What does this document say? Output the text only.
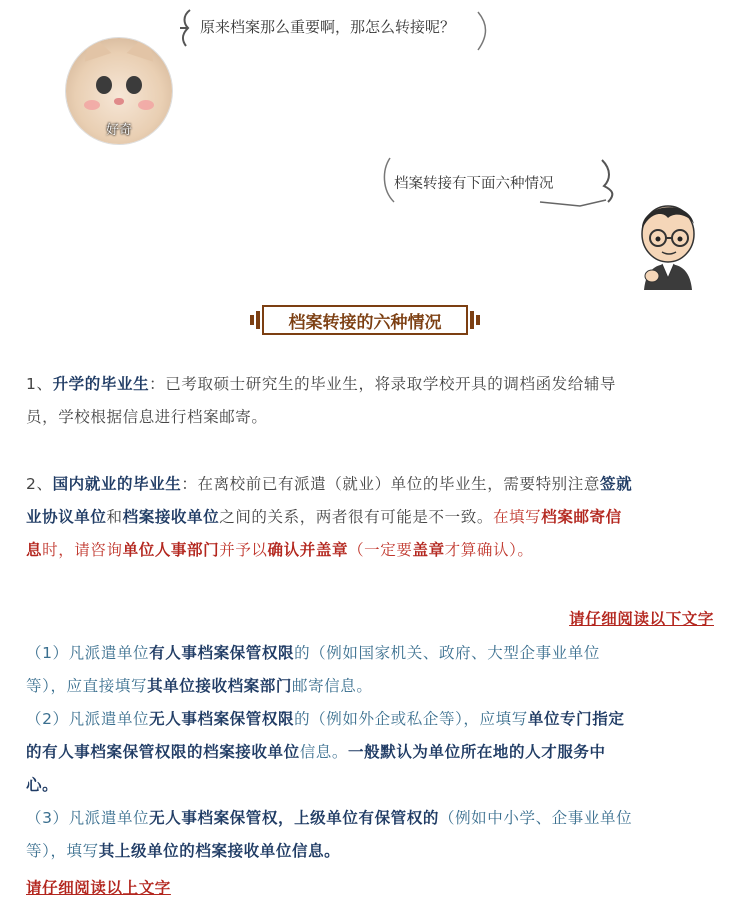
原来档案那么重要啊，那怎么转接呢？
好奇
档案转接有下面六种情况
档案转接的六种情况
1、升学的毕业生：已考取硕士研究生的毕业生，将录取学校开具的调档函发给辅导
员，学校根据信息进行档案邮寄。
2、国内就业的毕业生：在离校前已有派遣（就业）单位的毕业生，需要特别注意签就
业协议单位和档案接收单位之间的关系，两者很有可能是不一致。在填写档案邮寄信
息时，请咨询单位人事部门并予以确认并盖章（一定要盖章才算确认）。
请仔细阅读以下文字
（1）凡派遣单位有人事档案保管权限的（例如国家机关、政府、大型企事业单位
等），应直接填写其单位接收档案部门邮寄信息。
（2）凡派遣单位无人事档案保管权限的（例如外企或私企等），应填写单位专门指定
的有人事档案保管权限的档案接收单位信息。一般默认为单位所在地的人才服务中
心。
（3）凡派遣单位无人事档案保管权，上级单位有保管权的（例如中小学、企事业单位
等），填写其上级单位的档案接收单位信息。
请仔细阅读以上文字
